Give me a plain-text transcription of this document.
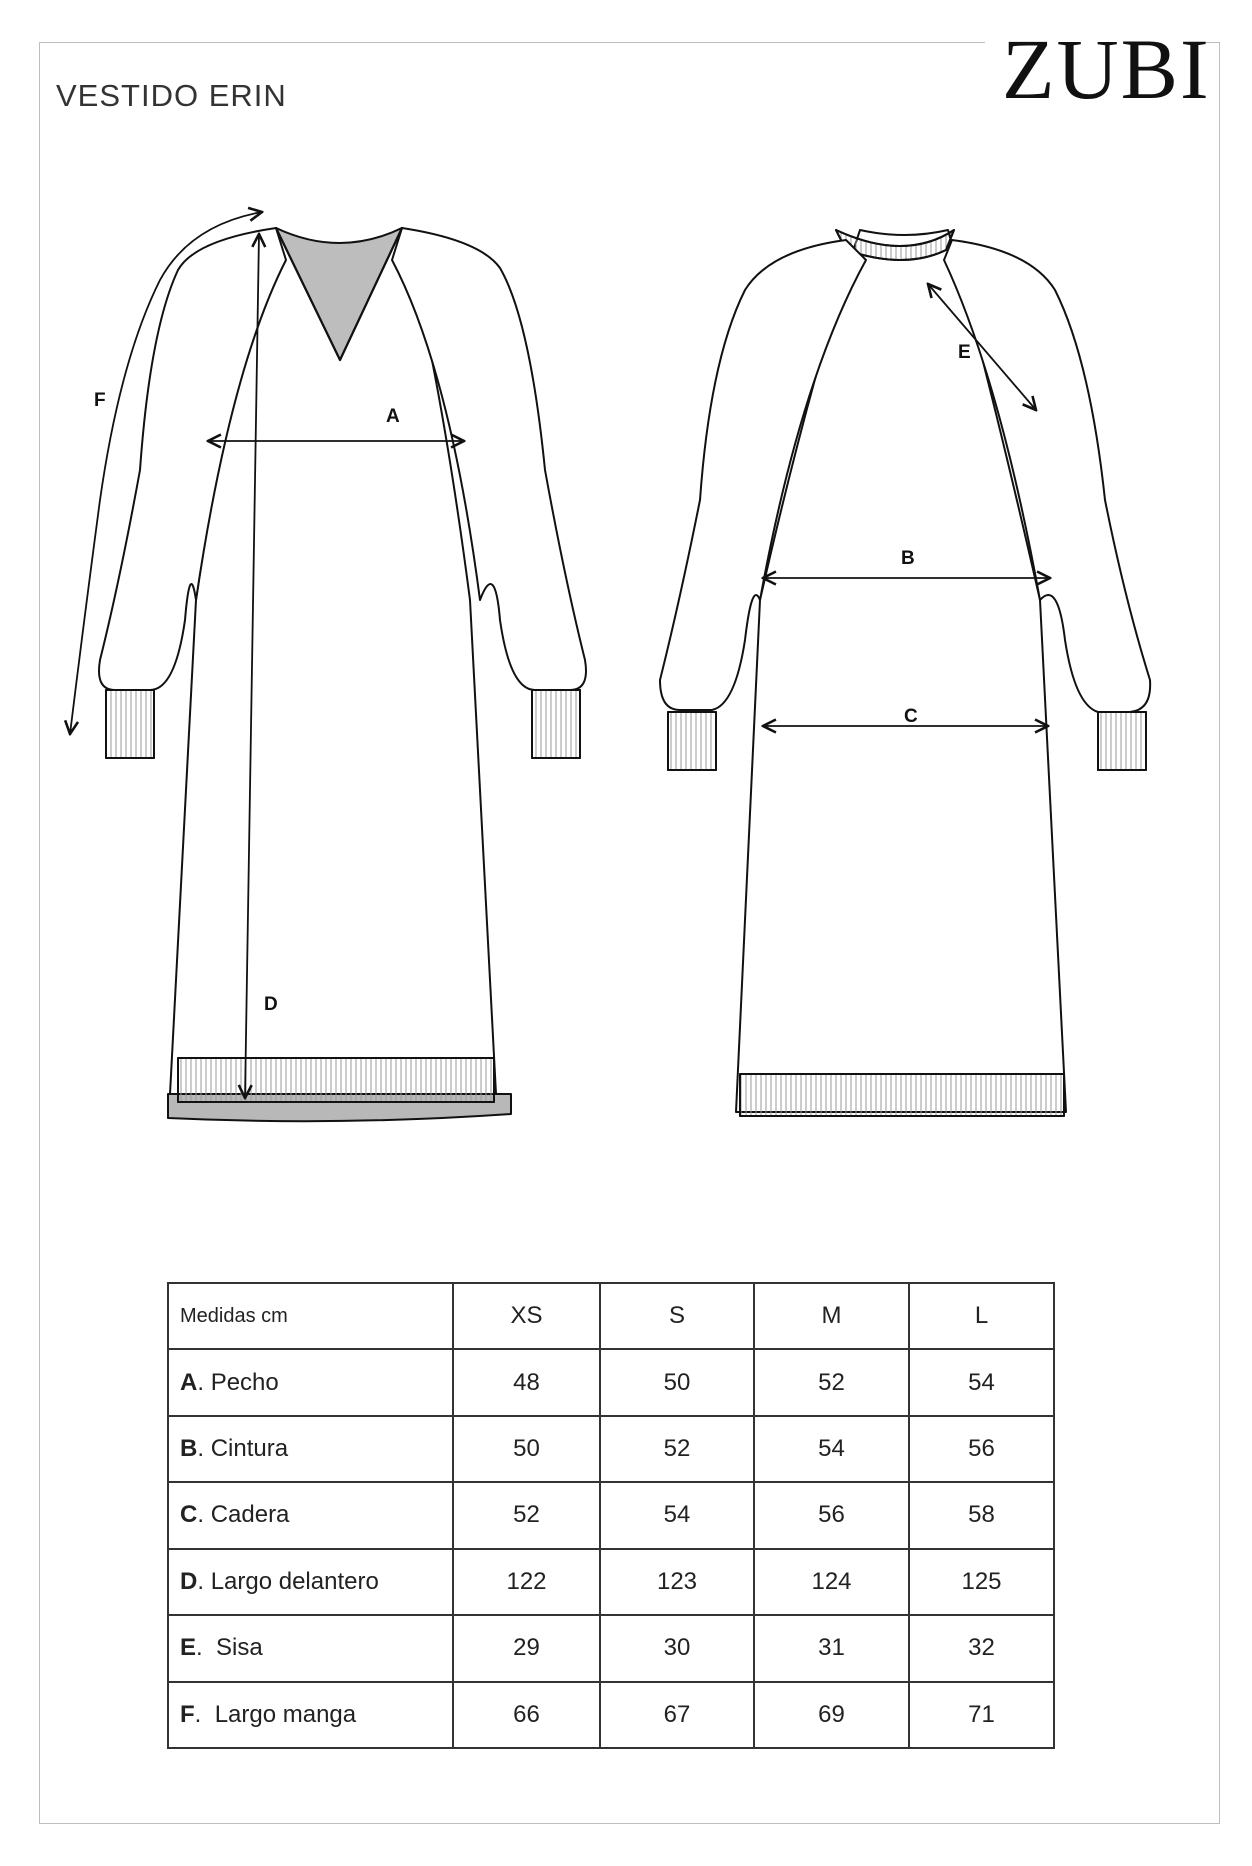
ZUBI
VESTIDO ERIN
A
B
C
D
E
F
Medidas cm	XS	S	M	L
A. Pecho	48	50	52	54
B. Cintura	50	52	54	56
C. Cadera	52	54	56	58
D. Largo delantero	122	123	124	125
E.  Sisa	29	30	31	32
F.  Largo manga	66	67	69	71
